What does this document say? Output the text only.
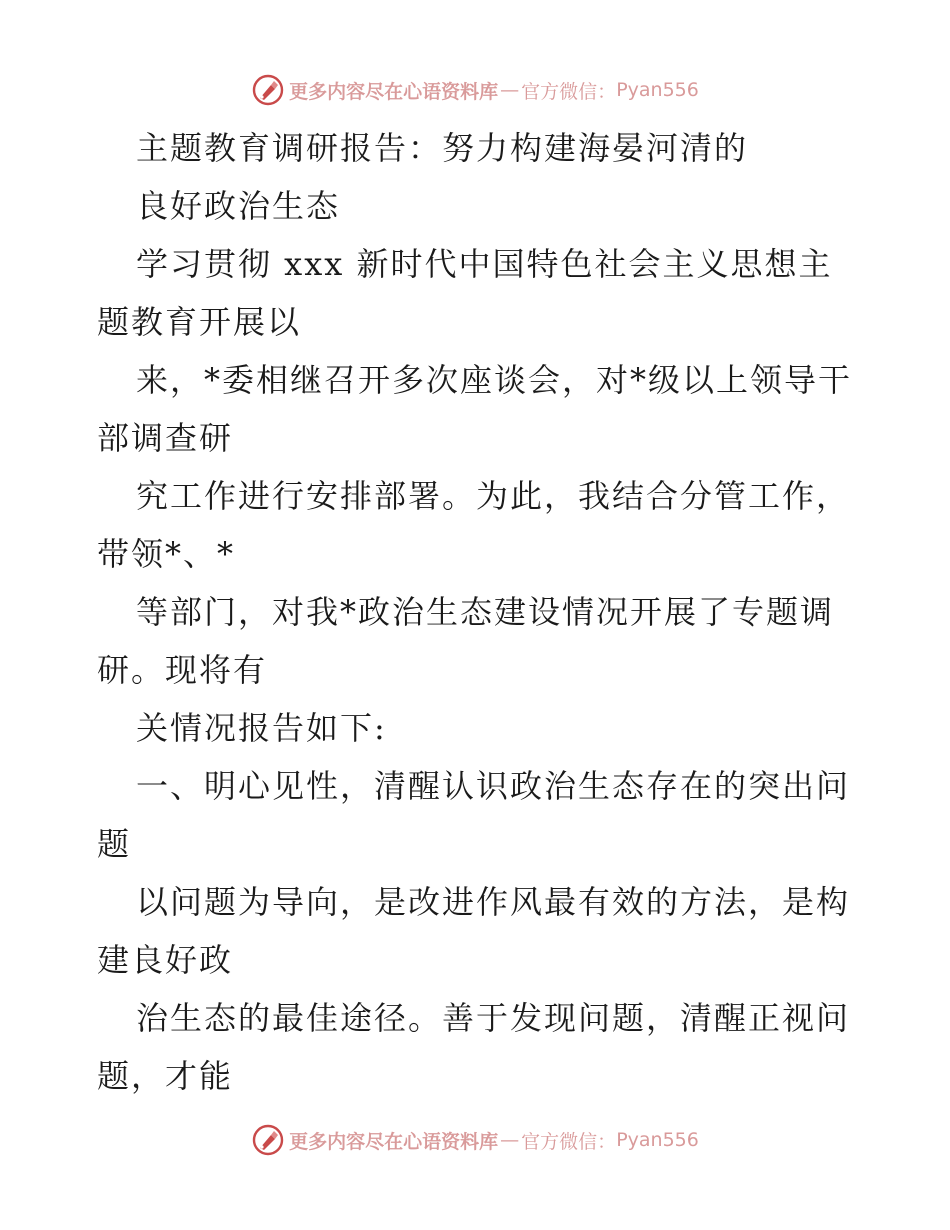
更多内容尽在心语资料库 — 官方微信： Pyan556
主题教育调研报告：努力构建海晏河清的
良好政治生态
学习贯彻 xxx 新时代中国特色社会主义思想主
题教育开展以
来，*委相继召开多次座谈会，对*级以上领导干
部调查研
究工作进行安排部署。为此，我结合分管工作，
带领*、*
等部门，对我*政治生态建设情况开展了专题调
研。现将有
关情况报告如下:
一、明心见性，清醒认识政治生态存在的突出问
题
以问题为导向，是改进作风最有效的方法，是构
建良好政
治生态的最佳途径。善于发现问题，清醒正视问
题，才能
更多内容尽在心语资料库 — 官方微信： Pyan556
